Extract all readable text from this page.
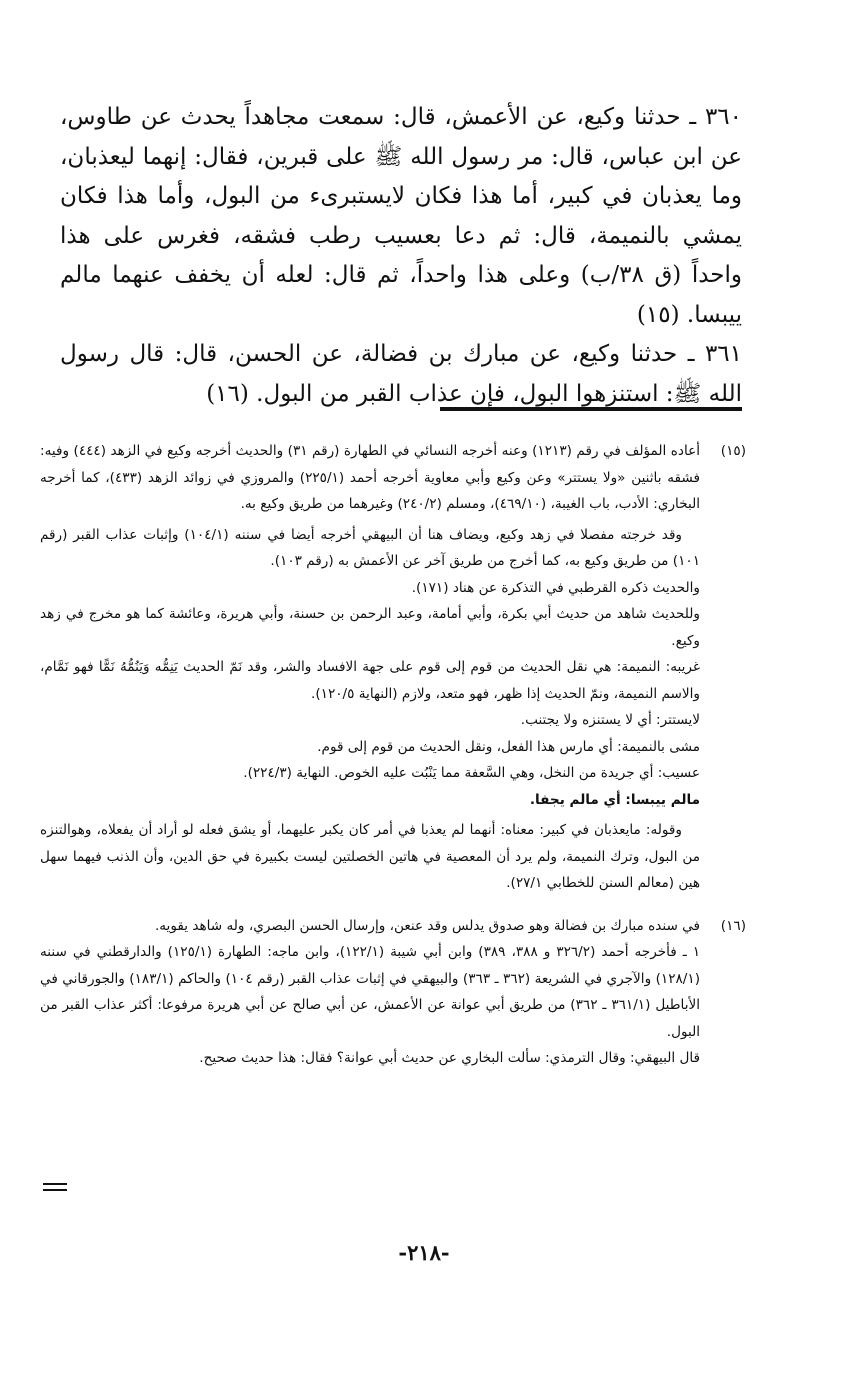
٣٦٠ ـ حدثنا وكيع، عن الأعمش، قال: سمعت مجاهداً يحدث عن طاوس، عن ابن عباس، قال: مر رسول الله ﷺ على قبرين، فقال: إنهما ليعذبان، وما يعذبان في كبير، أما هذا فكان لايستبرىء من البول، وأما هذا فكان يمشي بالنميمة، قال: ثم دعا بعسيب رطب فشقه، فغرس على هذا واحداً (ق ٣٨/ب) وعلى هذا واحداً، ثم قال: لعله أن يخفف عنهما مالم ييبسا. (١٥)

٣٦١ ـ حدثنا وكيع، عن مبارك بن فضالة، عن الحسن، قال: قال رسول الله ﷺ: استنزهوا البول، فإن عذاب القبر من البول. (١٦)

(١٥)

أعاده المؤلف في رقم (١٢١٣) وعنه أخرجه النسائي في الطهارة (رقم ٣١) والحديث أخرجه وكيع في الزهد (٤٤٤) وفيه: فشقه باثنين «ولا يستتر» وعن وكيع وأبي معاوية أخرجه أحمد (٢٢٥/١) والمروزي في زوائد الزهد (٤٣٣)، كما أخرجه البخاري: الأدب، باب الغيبة، (٤٦٩/١٠)، ومسلم (٢٤٠/٢) وغيرهما من طريق وكيع به.

وقد خرجته مفصلا في زهد وكيع، ويضاف هنا أن البيهقي أخرجه أيضا في سننه (١٠٤/١) وإثبات عذاب القبر (رقم ١٠١) من طريق وكيع به، كما أخرج من طريق آخر عن الأعمش به (رقم ١٠٣).

والحديث ذكره القرطبي في التذكرة عن هناد (١٧١).

وللحديث شاهد من حديث أبي بكرة، وأبي أمامة، وعبد الرحمن بن حسنة، وأبي هريرة، وعائشة كما هو مخرج في زهد وكيع.

غريبه: النميمة: هي نقل الحديث من قوم إلى قوم على جهة الافساد والشر، وقد نَمّ الحديث يَنِمُّه وَيَنُمُّهُ نَمًّا فهو نَمَّام، والاسم النميمة، ونمّ الحديث إذا ظهر، فهو متعد، ولازم (النهاية ١٢٠/٥).

لايستتر: أي لا يستنزه ولا يجتنب.

مشى بالنميمة: أي مارس هذا الفعل، ونقل الحديث من قوم إلى قوم.

عسيب: أي جريدة من النخل، وهي السَّعفة مما يَنْبُت عليه الخوص. النهاية (٢٢٤/٣).

مالم ييبسا: أي مالم يجفا.

وقوله: مايعذبان في كبير: معناه: أنهما لم يعذبا في أمر كان يكبر عليهما، أو يشق فعله لو أراد أن يفعلاه، وهوالتنزه من البول، وترك النميمة، ولم يرد أن المعصية في هاتين الخصلتين ليست بكبيرة في حق الدين، وأن الذنب فيهما سهل هين (معالم السنن للخطابي ٢٧/١).

(١٦)

في سنده مبارك بن فضالة وهو صدوق يدلس وقد عنعن، وإرسال الحسن البصري، وله شاهد يقويه.

١ ـ فأخرجه أحمد (٣٢٦/٢ و ٣٨٨، ٣٨٩) وابن أبي شيبة (١٢٢/١)، وابن ماجه: الطهارة (١٢٥/١) والدارقطني في سننه (١٢٨/١) والآجري في الشريعة (٣٦٢ ـ ٣٦٣) والبيهقي في إثبات عذاب القبر (رقم ١٠٤) والحاكم (١٨٣/١) والجورقاني في الأباطيل (٣٦١/١ ـ ٣٦٢) من طريق أبي عوانة عن الأعمش، عن أبي صالح عن أبي هريرة مرفوعا: أكثر عذاب القبر من البول.

قال البيهقي: وقال الترمذي: سألت البخاري عن حديث أبي عوانة؟ فقال: هذا حديث صحيح.

-٢١٨-
